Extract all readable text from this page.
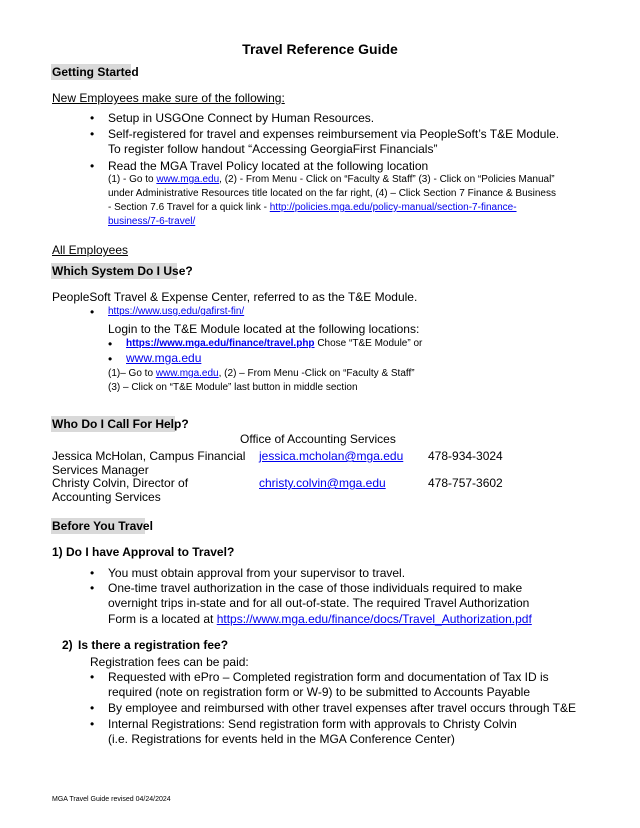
Travel Reference Guide
Getting Started
New Employees make sure of the following:
• Setup in USGOne Connect by Human Resources.
• Self-registered for travel and expenses reimbursement via PeopleSoft’s T&E Module.
To register follow handout “Accessing GeorgiaFirst Financials”
• Read the MGA Travel Policy located at the following location
(1) - Go to www.mga.edu, (2) - From Menu - Click on “Faculty & Staff” (3) - Click on “Policies Manual”
under Administrative Resources title located on the far right, (4) – Click Section 7 Finance & Business
- Section 7.6 Travel for a quick link - http://policies.mga.edu/policy-manual/section-7-finance-
business/7-6-travel/
All Employees
Which System Do I Use?
PeopleSoft Travel & Expense Center, referred to as the T&E Module.
• https://www.usg.edu/gafirst-fin/
Login to the T&E Module located at the following locations:
• https://www.mga.edu/finance/travel.php Chose “T&E Module” or
• www.mga.edu
(1)– Go to www.mga.edu, (2) – From Menu -Click on “Faculty & Staff”
(3) – Click on “T&E Module” last button in middle section
Who Do I Call For Help?
Office of Accounting Services
Jessica McHolan, Campus Financial
Services Manager
jessica.mcholan@mga.edu 478-934-3024
Christy Colvin, Director of
Accounting Services
christy.colvin@mga.edu	478-757-3602
Before You Travel
1) Do I have Approval to Travel?
• You must obtain approval from your supervisor to travel.
• One-time travel authorization in the case of those individuals required to make
overnight trips in-state and for all out-of-state. The required Travel Authorization
Form is a located at https://www.mga.edu/finance/docs/Travel_Authorization.pdf
2) Is there a registration fee?
Registration fees can be paid:
• Requested with ePro – Completed registration form and documentation of Tax ID is
required (note on registration form or W-9) to be submitted to Accounts Payable
• By employee and reimbursed with other travel expenses after travel occurs through T&E
• Internal Registrations: Send registration form with approvals to Christy Colvin
(i.e. Registrations for events held in the MGA Conference Center)
MGA Travel Guide revised 04/24/2024
